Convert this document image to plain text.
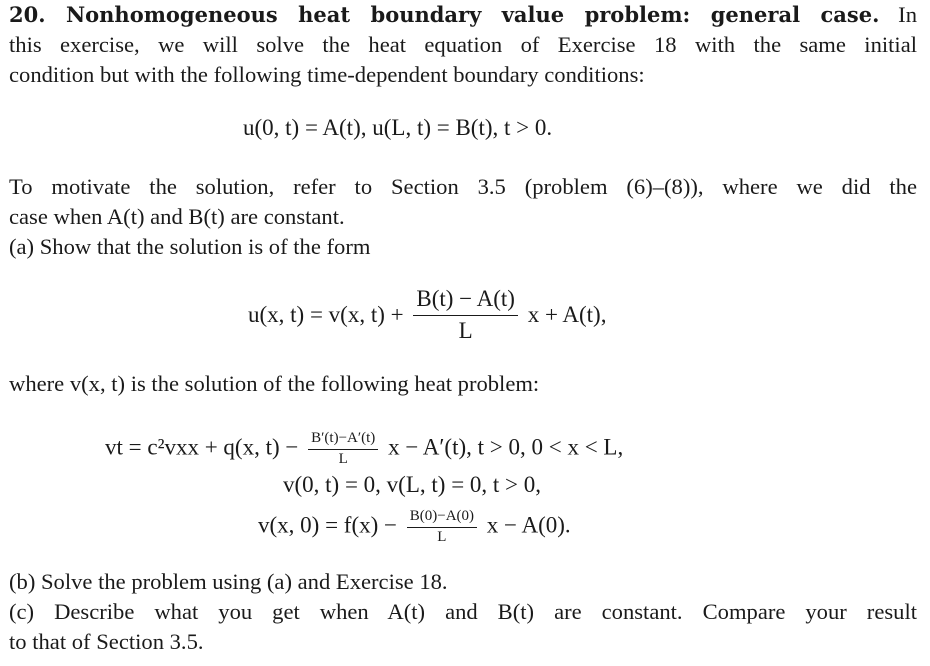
20. Nonhomogeneous heat boundary value problem: general case. In
this exercise, we will solve the heat equation of Exercise 18 with the same initial
condition but with the following time-dependent boundary conditions:
u(0, t) = A(t), u(L, t) = B(t), t > 0.
To motivate the solution, refer to Section 3.5 (problem (6)–(8)), where we did the
case when A(t) and B(t) are constant.
(a) Show that the solution is of the form
u(x, t) = v(x, $t) + \frac{B(t) - A(t)}{L}$ x + A(t),
where v(x, t) is the solution of the following heat problem:
vt = c²vxx + q(x, $t) - \frac{B'(t)-A'(t)}{L}$ x − A′(t), t > 0, 0 < x < L,
v(0, t) = 0, v(L, t) = 0, t > 0,
v(x, $0) = f(x) - \frac{B(0)-A(0)}{L}$ x − A(0).
(b) Solve the problem using (a) and Exercise 18.
(c) Describe what you get when A(t) and B(t) are constant. Compare your result
to that of Section 3.5.
